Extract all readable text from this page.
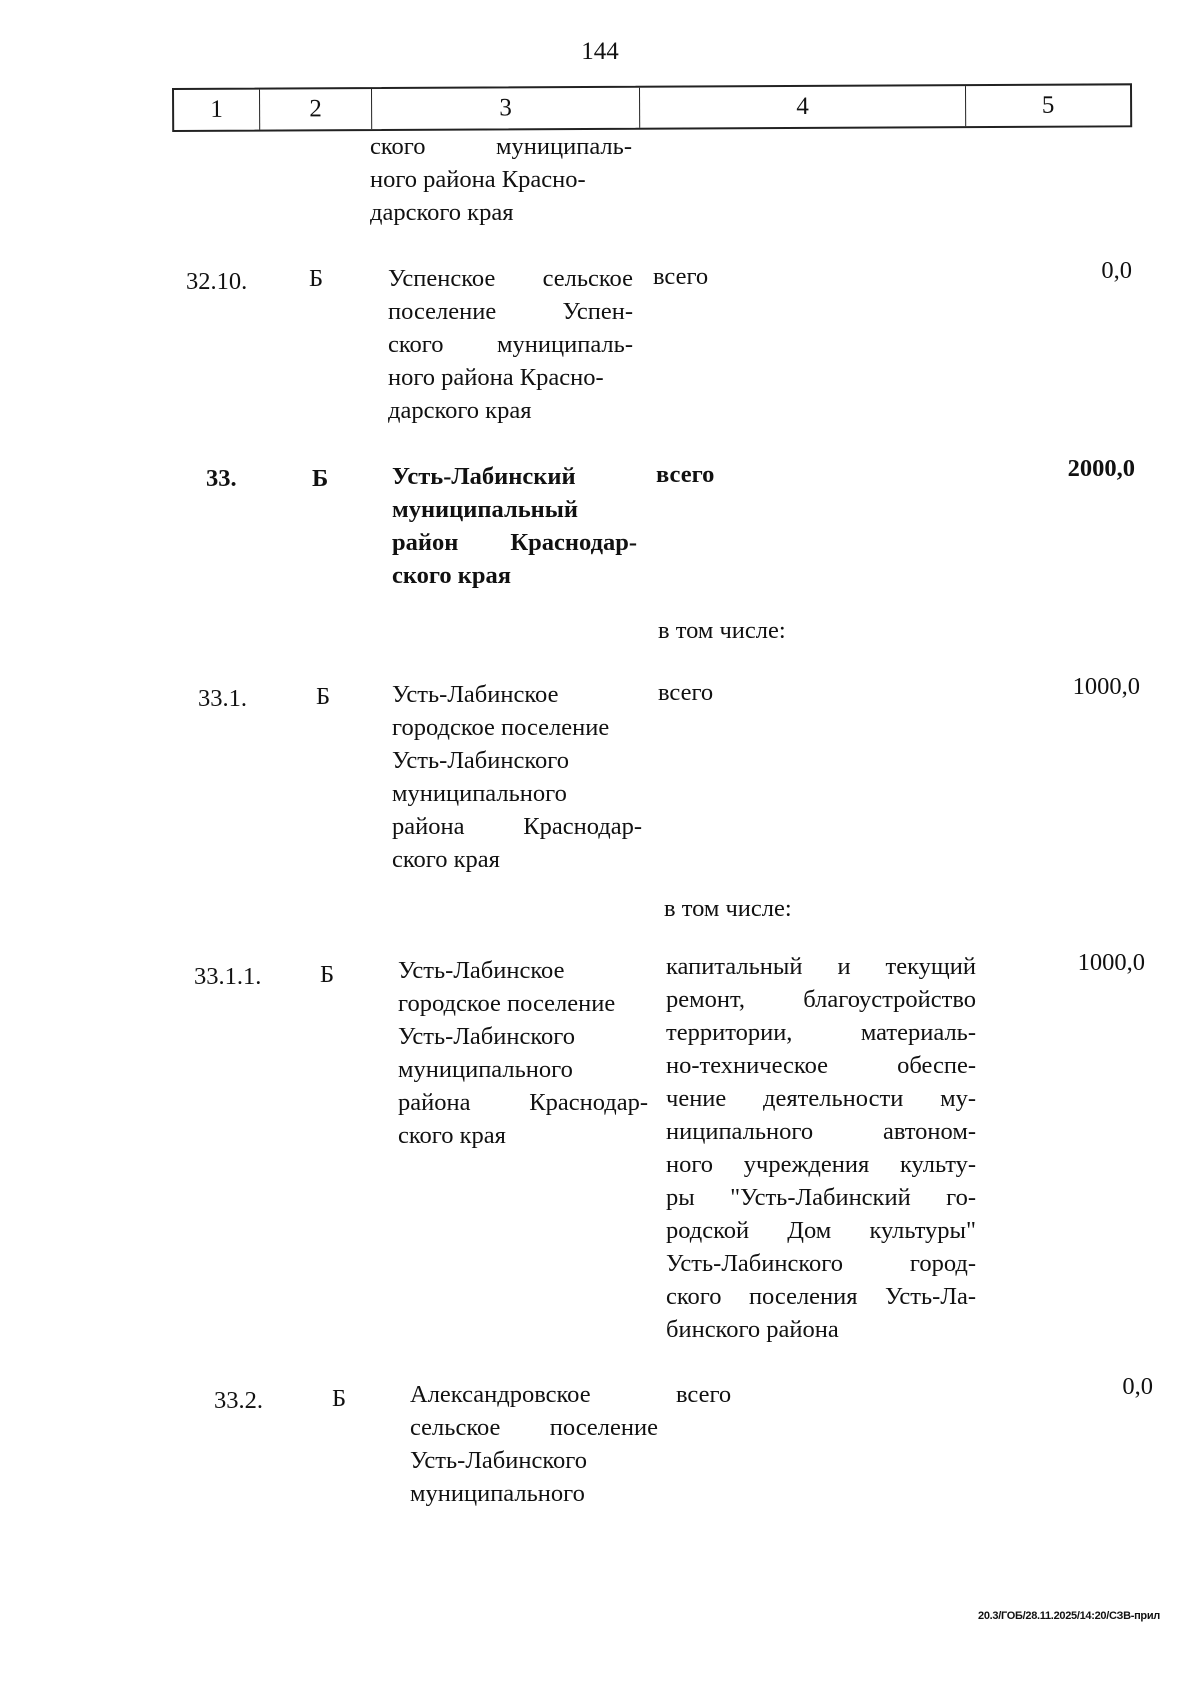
144
1	2	3	4	5
ского муниципаль-
ного района Красно-
дарского края
32.10.	Б	Успенское сельское
поселение Успен-
ского муниципаль-
ного района Красно-
дарского края
всего	0,0
33.	Б	Усть-Лабинский
муниципальный
район Краснодар-
ского края
всего	2000,0
в том числе:
33.1.	Б	Усть-Лабинское
городское поселение
Усть-Лабинского
муниципального
района Краснодар-
ского края
всего	1000,0
в том числе:
33.1.1. Б	Усть-Лабинское
городское поселение
Усть-Лабинского
муниципального
района Краснодар-
ского края
капитальный и текущий
ремонт, благоустройство
территории, материаль-
но-техническое обеспе-
чение деятельности му-
ниципального автоном-
ного учреждения культу-
ры "Усть-Лабинский го-
родской Дом культуры"
Усть-Лабинского город-
ского поселения Усть-Ла-
бинского района
1000,0
33.2.	Б	Александровское
сельское поселение
Усть-Лабинского
муниципального
всего	0,0
20.3/ГОБ/28.11.2025/14:20/СЗВ-прил
